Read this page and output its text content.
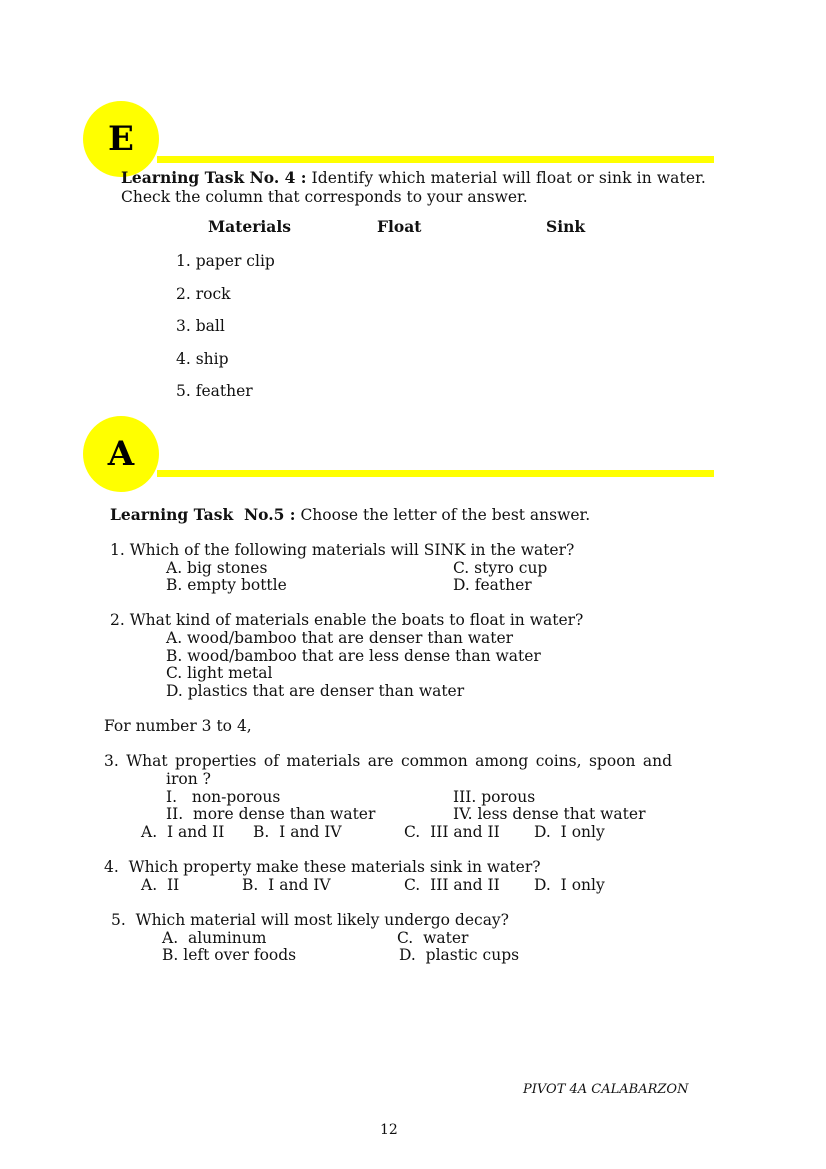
E
Learning Task No. 4 : Identify which material will float or sink in water.
Check the column that corresponds to your answer.
Materials	Float	Sink
1. paper clip
2. rock
3. ball
4. ship
5. feather
A
Learning Task  No.5 : Choose the letter of the best answer.
1. Which of the following materials will SINK in the water?
A. big stones	C. styro cup
B. empty bottle	D. feather
2. What kind of materials enable the boats to float in water?
A. wood/bamboo that are denser than water
B. wood/bamboo that are less dense than water
C. light metal
D. plastics that are denser than water
For number 3 to 4,
3. What properties of materials are common among coins, spoon and
iron ?
I.   non-porous	III. porous
II.  more dense than water	IV. less dense that water
A.  I and II B.  I and IV	C.  III and II D.  I only
4.  Which property make these materials sink in water?
A.  II	B.  I and IV	C.  III and II D.  I only
5.  Which material will most likely undergo decay?
A.  aluminum	C.  water
B. left over foods	D.  plastic cups
PIVOT 4A CALABARZON
12
